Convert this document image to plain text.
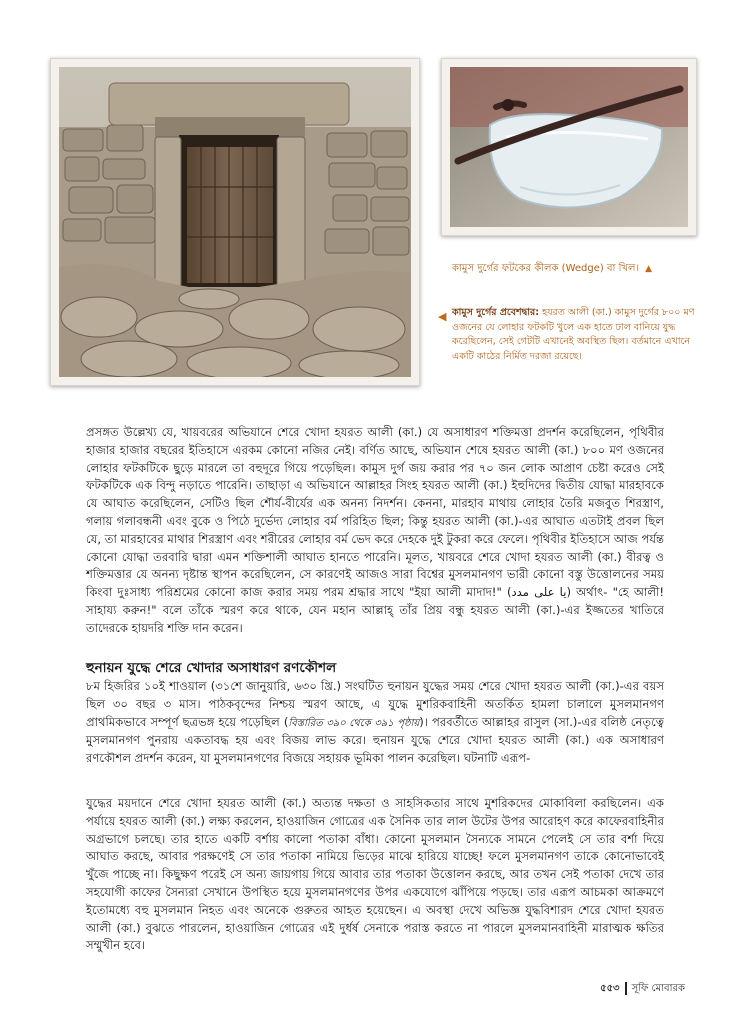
কামুস দুর্গের ফটকের কীলক (Wedge) বা খিল। ▲
◀ কামুস দুর্গের প্রবেশদ্বার: হযরত আলী (কা.) কামুস দুর্গের ৮০০ মণ ওজনের যে লোহার ফটকটি খুলে এক হাতে ঢাল বানিয়ে যুদ্ধ করেছিলেন, সেই গেটটি এখানেই অবস্থিত ছিল। বর্তমানে এখানে একটি কাঠের নির্মিত দরজা রয়েছে।
প্রসঙ্গত উল্লেখ্য যে, খায়বরের অভিযানে শেরে খোদা হযরত আলী (কা.) যে অসাধারণ শক্তিমত্তা প্রদর্শন করেছিলেন, পৃথিবীর হাজার হাজার বছরের ইতিহাসে এরকম কোনো নজির নেই। বর্ণিত আছে, অভিযান শেষে হযরত আলী (কা.) ৮০০ মণ ওজনের লোহার ফটকটিকে ছুড়ে মারলে তা বহুদূরে গিয়ে পড়েছিল। কামুস দুর্গ জয় করার পর ৭০ জন লোক আপ্রাণ চেষ্টা করেও সেই ফটকটিকে এক বিন্দু নড়াতে পারেনি। তাছাড়া এ অভিযানে আল্লাহর সিংহ হযরত আলী (কা.) ইহুদিদের দ্বিতীয় যোদ্ধা মারহাবকে যে আঘাত করেছিলেন, সেটিও ছিল শৌর্য-বীর্যের এক অনন্য নিদর্শন। কেননা, মারহাব মাথায় লোহার তৈরি মজবুত শিরস্ত্রাণ, গলায় গলাবন্ধনী এবং বুকে ও পিঠে দুর্ভেদ্য লোহার বর্ম পরিহিত ছিল; কিন্তু হযরত আলী (কা.)-এর আঘাত এতটাই প্রবল ছিল যে, তা মারহাবের মাথার শিরস্ত্রাণ এবং শরীরের লোহার বর্ম ভেদ করে দেহকে দুই টুকরা করে ফেলে। পৃথিবীর ইতিহাসে আজ পর্যন্ত কোনো যোদ্ধা তরবারি দ্বারা এমন শক্তিশালী আঘাত হানতে পারেনি। মূলত, খায়বরে শেরে খোদা হযরত আলী (কা.) বীরত্ব ও শক্তিমত্তার যে অনন্য দৃষ্টান্ত স্থাপন করেছিলেন, সে কারণেই আজও সারা বিশ্বের মুসলমানগণ ভারী কোনো বস্তু উত্তোলনের সময় কিংবা দুঃসাধ্য পরিশ্রমের কোনো কাজ করার সময় পরম শ্রদ্ধার সাথে "ইয়া আলী মাদাদ!" (يا على مدد) অর্থাৎ- "হে আলী! সাহায্য করুন!" বলে তাঁকে স্মরণ করে থাকে, যেন মহান আল্লাহ্‌ তাঁর প্রিয় বন্ধু হযরত আলী (কা.)-এর ইজ্জতের খাতিরে তাদেরকে হায়দরি শক্তি দান করেন।
হুনায়ন যুদ্ধে শেরে খোদার অসাধারণ রণকৌশল
৮ম হিজরির ১০ই শাওয়াল (৩১শে জানুয়ারি, ৬৩০ খ্রি.) সংঘটিত হুনায়ন যুদ্ধের সময় শেরে খোদা হযরত আলী (কা.)-এর বয়স ছিল ৩০ বছর ৩ মাস। পাঠকবৃন্দের নিশ্চয় স্মরণ আছে, এ যুদ্ধে মুশরিকবাহিনী অতর্কিত হামলা চালালে মুসলমানগণ প্রাথমিকভাবে সম্পূর্ণ ছত্রভঙ্গ হয়ে পড়েছিল (বিস্তারিত ৩৯০ থেকে ৩৯১ পৃষ্ঠায়)। পরবর্তীতে আল্লাহর রাসুল (সা.)-এর বলিষ্ঠ নেতৃত্বে মুসলমানগণ পুনরায় একতাবদ্ধ হয় এবং বিজয় লাভ করে। হুনায়ন যুদ্ধে শেরে খোদা হযরত আলী (কা.) এক অসাধারণ রণকৌশল প্রদর্শন করেন, যা মুসলমানগণের বিজয়ে সহায়ক ভূমিকা পালন করেছিল। ঘটনাটি এরূপ-
যুদ্ধের ময়দানে শেরে খোদা হযরত আলী (কা.) অত্যন্ত দক্ষতা ও সাহসিকতার সাথে মুশরিকদের মোকাবিলা করছিলেন। এক পর্যায়ে হযরত আলী (কা.) লক্ষ্য করলেন, হাওয়াজিন গোত্রের এক সৈনিক তার লাল উটের উপর আরোহণ করে কাফেরবাহিনীর অগ্রভাগে চলছে। তার হাতে একটি বর্শায় কালো পতাকা বাঁধা। কোনো মুসলমান সৈন্যকে সামনে পেলেই সে তার বর্শা দিয়ে আঘাত করছে, আবার পরক্ষণেই সে তার পতাকা নামিয়ে ভিড়ের মাঝে হারিয়ে যাচ্ছে! ফলে মুসলমানগণ তাকে কোনোভাবেই খুঁজে পাচ্ছে না। কিছুক্ষণ পরেই সে অন্য জায়গায় গিয়ে আবার তার পতাকা উত্তোলন করছে, আর তখন সেই পতাকা দেখে তার সহযোগী কাফের সৈন্যরা সেখানে উপস্থিত হয়ে মুসলমানগণের উপর একযোগে ঝাঁপিয়ে পড়ছে। তার এরূপ আচমকা আক্রমণে ইতোমধ্যে বহু মুসলমান নিহত এবং অনেকে গুরুতর আহত হয়েছেন। এ অবস্থা দেখে অভিজ্ঞ যুদ্ধবিশারদ শেরে খোদা হযরত আলী (কা.) বুঝতে পারলেন, হাওয়াজিন গোত্রের এই দুর্ধর্ষ সেনাকে পরাস্ত করতে না পারলে মুসলমানবাহিনী মারাত্মক ক্ষতির সম্মুখীন হবে।
৫৫৩ সূফি মোবারক
